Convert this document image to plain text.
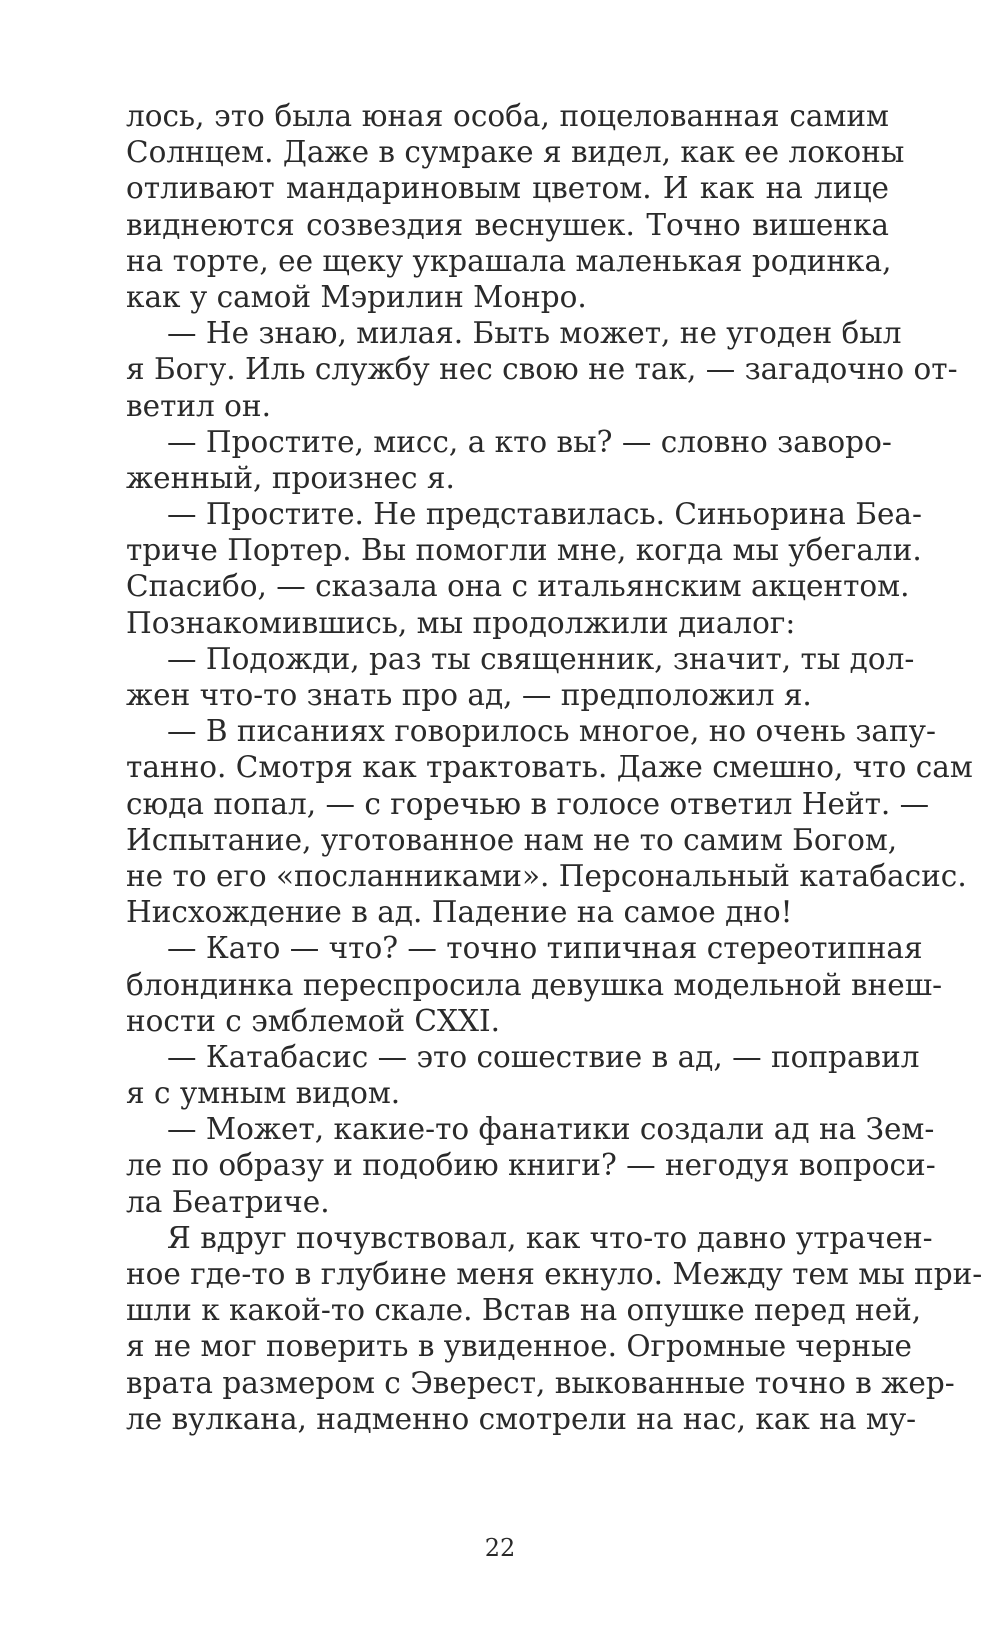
лось, это была юная особа, поцелованная самим
Солнцем. Даже в сумраке я видел, как ее локоны
отливают мандариновым цветом. И как на лице
виднеются созвездия веснушек. Точно вишенка
на торте, ее щеку украшала маленькая родинка,
как у самой Мэрилин Монро.
— Не знаю, милая. Быть может, не угоден был
я Богу. Иль службу нес свою не так, — загадочно от-
ветил он.
— Простите, мисс, а кто вы? — словно заворо-
женный, произнес я.
— Простите. Не представилась. Синьорина Беа-
триче Портер. Вы помогли мне, когда мы убегали.
Спасибо, — сказала она с итальянским акцентом.
Познакомившись, мы продолжили диалог:
— Подожди, раз ты священник, значит, ты дол-
жен что-то знать про ад, — предположил я.
— В писаниях говорилось многое, но очень запу-
танно. Смотря как трактовать. Даже смешно, что сам
сюда попал, — с горечью в голосе ответил Нейт. —
Испытание, уготованное нам не то самим Богом,
не то его «посланниками». Персональный катабасис.
Нисхождение в ад. Падение на самое дно!
— Като — что? — точно типичная стереотипная
блондинка переспросила девушка модельной внеш-
ности с эмблемой CXXI.
— Катабасис — это сошествие в ад, — поправил
я с умным видом.
— Может, какие-то фанатики создали ад на Зем-
ле по образу и подобию книги? — негодуя вопроси-
ла Беатриче.
Я вдруг почувствовал, как что-то давно утрачен-
ное где-то в глубине меня екнуло. Между тем мы при-
шли к какой-то скале. Встав на опушке перед ней,
я не мог поверить в увиденное. Огромные черные
врата размером с Эверест, выкованные точно в жер-
ле вулкана, надменно смотрели на нас, как на му-
22
